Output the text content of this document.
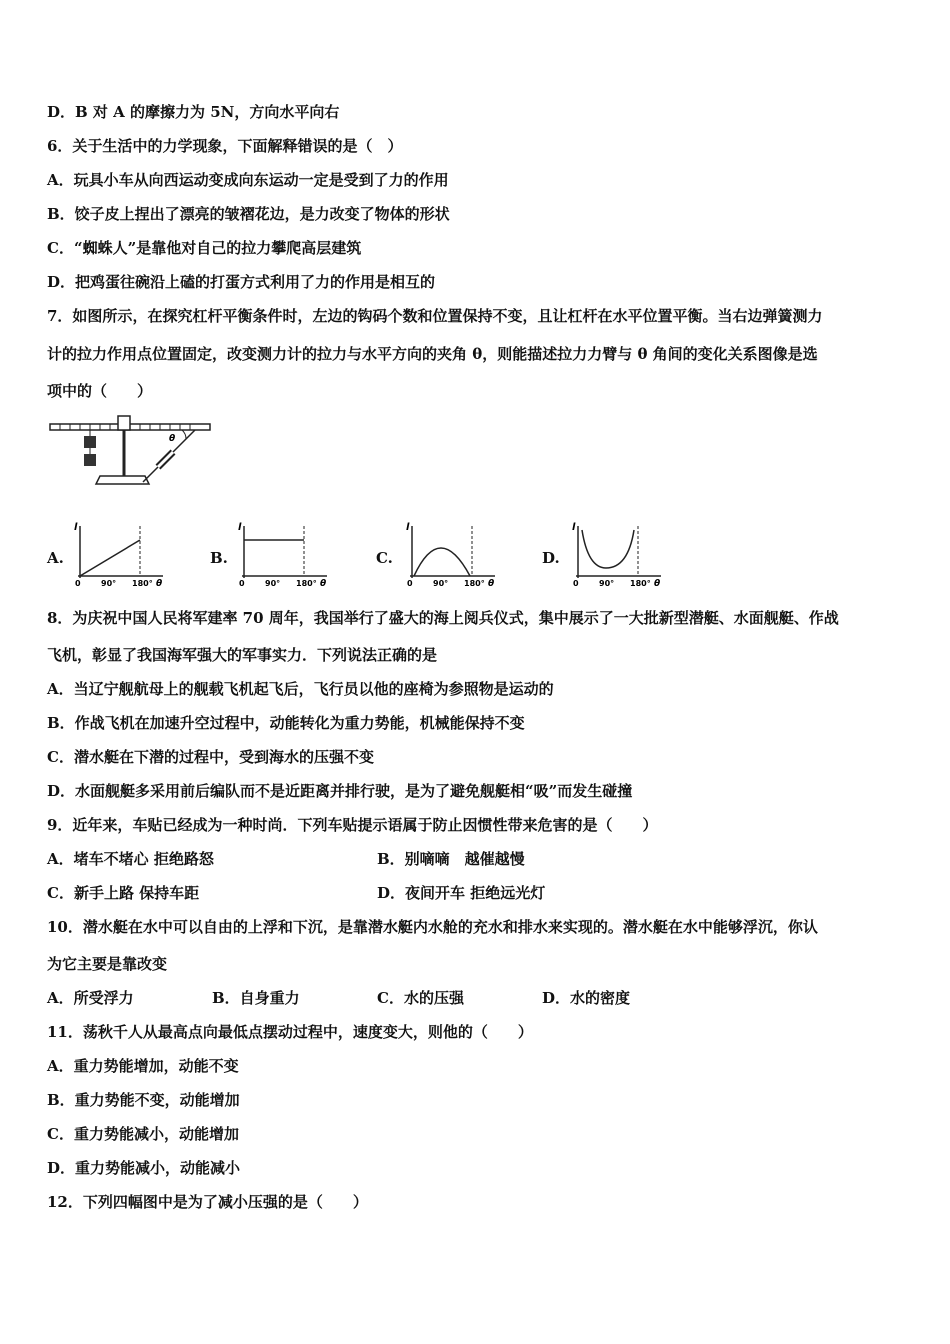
D．B 对 A 的摩擦力为 5N，方向水平向右
6．关于生活中的力学现象，下面解释错误的是（　）
A．玩具小车从向西运动变成向东运动一定是受到了力的作用
B．饺子皮上捏出了漂亮的皱褶花边，是力改变了物体的形状
C．“蜘蛛人”是靠他对自己的拉力攀爬高层建筑
D．把鸡蛋往碗沿上磕的打蛋方式利用了力的作用是相互的
7．如图所示，在探究杠杆平衡条件时，左边的钩码个数和位置保持不变，且让杠杆在水平位置平衡。当右边弹簧测力
计的拉力作用点位置固定，改变测力计的拉力与水平方向的夹角 θ，则能描述拉力力臂与 θ 角间的变化关系图像是选
项中的（　　）
θ
A.
l
0	90° 180° θ
B.
l
0	90° 180° θ
C.
l
0	90° 180° θ
D.
l
0	90° 180° θ
8．为庆祝中国人民将军建率 70 周年，我国举行了盛大的海上阅兵仪式，集中展示了一大批新型潜艇、水面舰艇、作战
飞机，彰显了我国海军强大的军事实力．下列说法正确的是
A．当辽宁舰航母上的舰载飞机起飞后，飞行员以他的座椅为参照物是运动的
B．作战飞机在加速升空过程中，动能转化为重力势能，机械能保持不变
C．潜水艇在下潜的过程中，受到海水的压强不变
D．水面舰艇多采用前后编队而不是近距离并排行驶，是为了避免舰艇相“吸”而发生碰撞
9．近年来，车贴已经成为一种时尚．下列车贴提示语属于防止因惯性带来危害的是（　　）
A．堵车不堵心 拒绝路怒	B．别嘀嘀　越催越慢
C．新手上路 保持车距	D．夜间开车 拒绝远光灯
10．潜水艇在水中可以自由的上浮和下沉，是靠潜水艇内水舱的充水和排水来实现的。潜水艇在水中能够浮沉，你认
为它主要是靠改变
A．所受浮力	B．自身重力	C．水的压强	D．水的密度
11．荡秋千人从最高点向最低点摆动过程中，速度变大，则他的（　　）
A．重力势能增加，动能不变
B．重力势能不变，动能增加
C．重力势能减小，动能增加
D．重力势能减小，动能减小
12．下列四幅图中是为了减小压强的是（　　）
